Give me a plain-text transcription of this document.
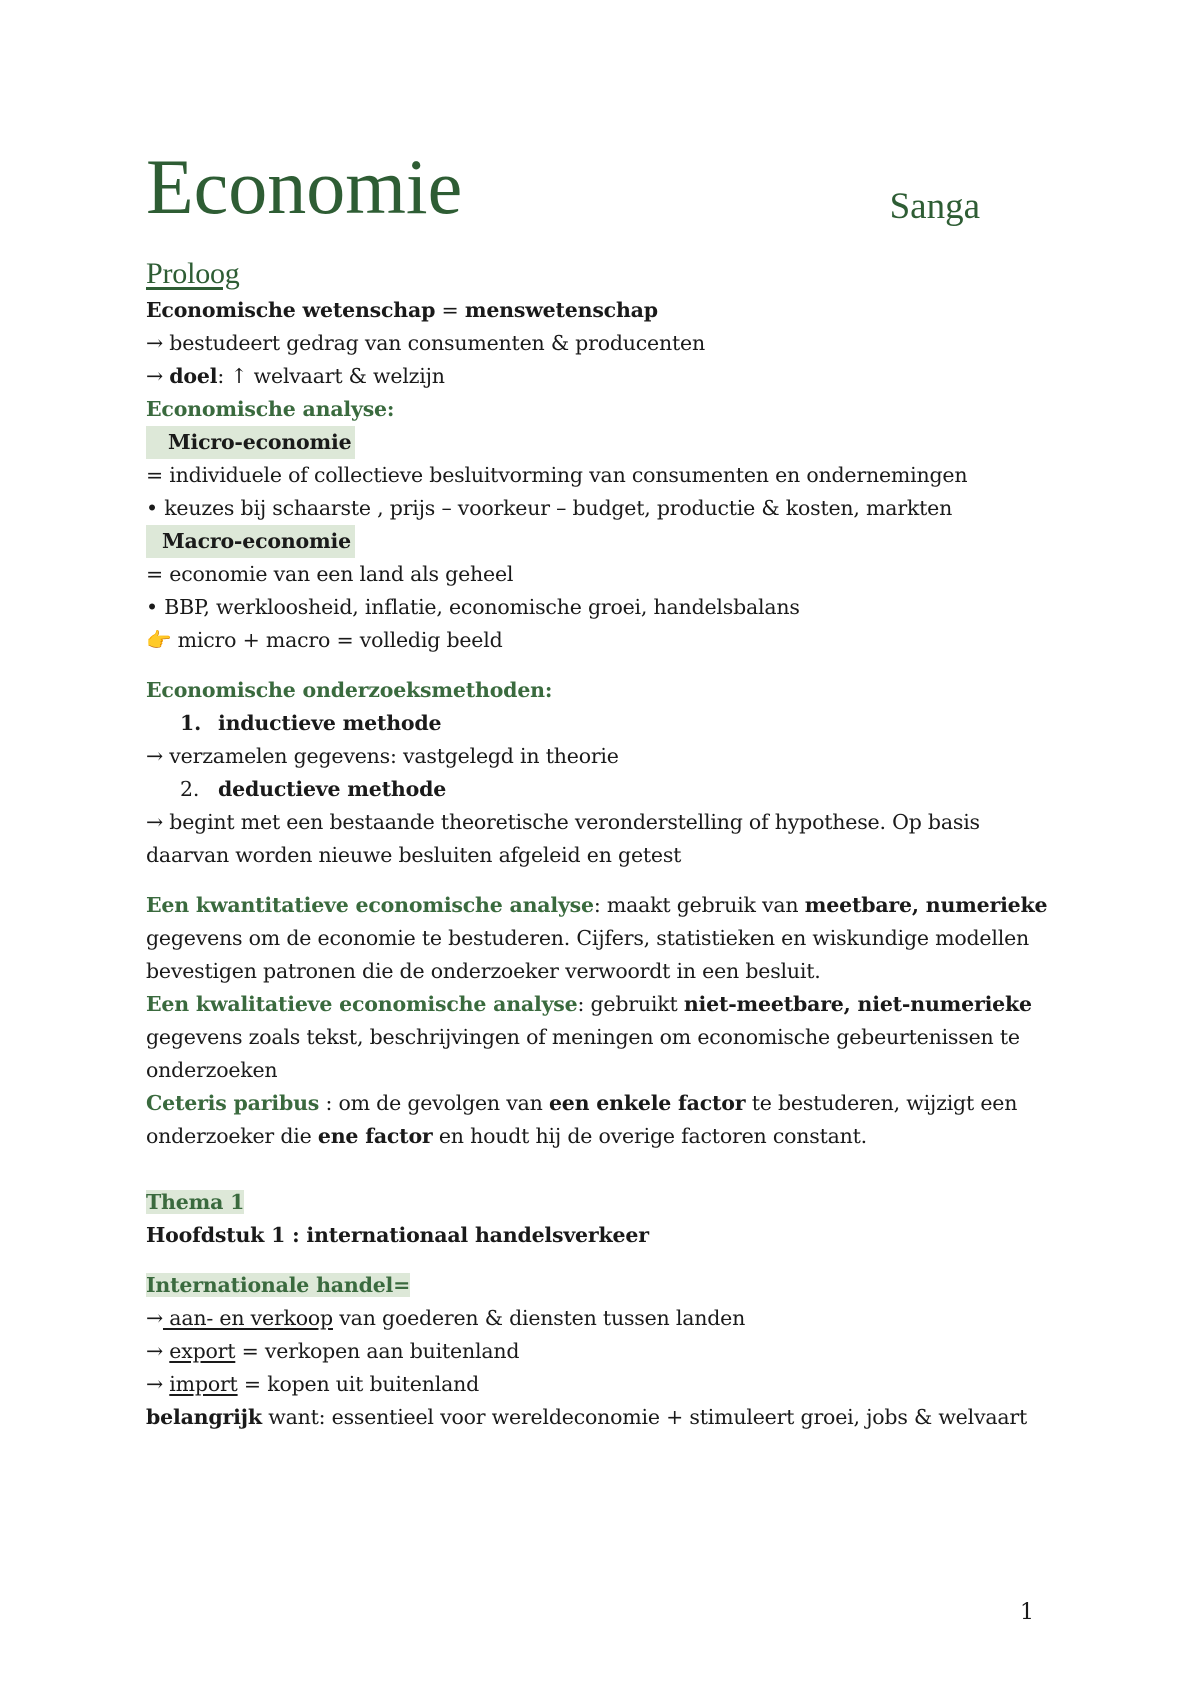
Economie	Sanga
Proloog
Economische wetenschap = menswetenschap
→ bestudeert gedrag van consumenten & producenten
→ doel: ↑ welvaart & welzijn
Economische analyse:
Micro-economie
= individuele of collectieve besluitvorming van consumenten en ondernemingen
• keuzes bij schaarste , prijs – voorkeur – budget, productie & kosten, markten
Macro-economie
= economie van een land als geheel
• BBP, werkloosheid, inflatie, economische groei, handelsbalans
👉 micro + macro = volledig beeld
Economische onderzoeksmethoden:
1. inductieve methode
→ verzamelen gegevens: vastgelegd in theorie
2. deductieve methode
→ begint met een bestaande theoretische veronderstelling of hypothese. Op basis
daarvan worden nieuwe besluiten afgeleid en getest
Een kwantitatieve economische analyse: maakt gebruik van meetbare, numerieke
gegevens om de economie te bestuderen. Cijfers, statistieken en wiskundige modellen
bevestigen patronen die de onderzoeker verwoordt in een besluit.
Een kwalitatieve economische analyse: gebruikt niet-meetbare, niet-numerieke
gegevens zoals tekst, beschrijvingen of meningen om economische gebeurtenissen te
onderzoeken
Ceteris paribus : om de gevolgen van een enkele factor te bestuderen, wijzigt een
onderzoeker die ene factor en houdt hij de overige factoren constant.
Thema 1
Hoofdstuk 1 : internationaal handelsverkeer
Internationale handel=
→ aan- en verkoop van goederen & diensten tussen landen
→ export = verkopen aan buitenland
→ import = kopen uit buitenland
belangrijk want: essentieel voor wereldeconomie + stimuleert groei, jobs & welvaart
1
